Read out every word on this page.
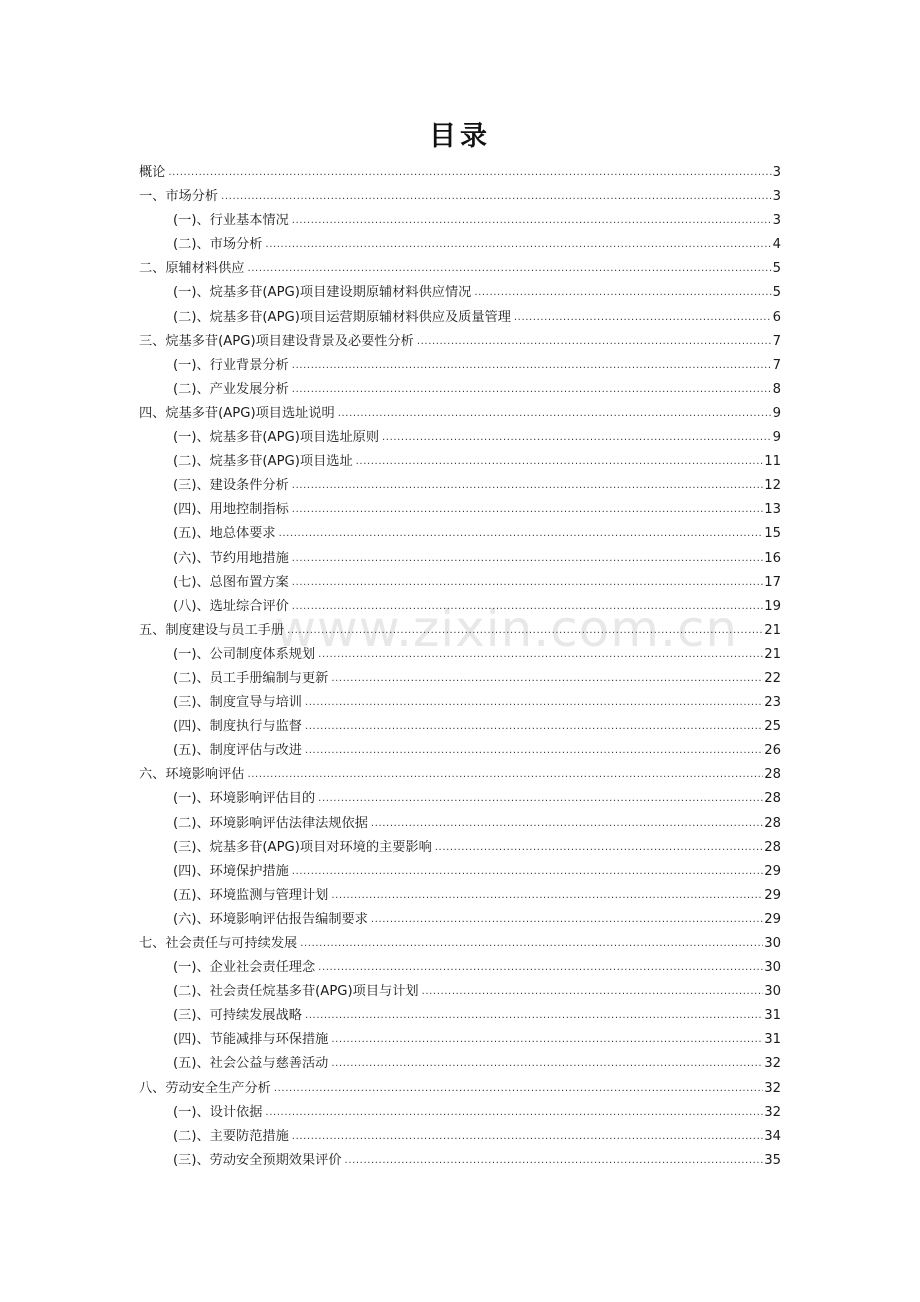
www.zixin.com.cn
目录
概论 .....	3
一、市场分析 .....	3
(一)、行业基本情况 .....	3
(二)、市场分析 .....	4
二、原辅材料供应 .....	5
(一)、烷基多苷(APG)项目建设期原辅材料供应情况 .....	5
(二)、烷基多苷(APG)项目运营期原辅材料供应及质量管理 .....	6
三、烷基多苷(APG)项目建设背景及必要性分析 .....	7
(一)、行业背景分析 .....	7
(二)、产业发展分析 .....	8
四、烷基多苷(APG)项目选址说明 .....	9
(一)、烷基多苷(APG)项目选址原则 .....	9
(二)、烷基多苷(APG)项目选址 .....	11
(三)、建设条件分析 .....	12
(四)、用地控制指标 .....	13
(五)、地总体要求 .....	15
(六)、节约用地措施 .....	16
(七)、总图布置方案 .....	17
(八)、选址综合评价 .....	19
五、制度建设与员工手册 .....	21
(一)、公司制度体系规划 .....	21
(二)、员工手册编制与更新 .....	22
(三)、制度宣导与培训 .....	23
(四)、制度执行与监督 .....	25
(五)、制度评估与改进 .....	26
六、环境影响评估 .....	28
(一)、环境影响评估目的 .....	28
(二)、环境影响评估法律法规依据 .....	28
(三)、烷基多苷(APG)项目对环境的主要影响 .....	28
(四)、环境保护措施 .....	29
(五)、环境监测与管理计划 .....	29
(六)、环境影响评估报告编制要求 .....	29
七、社会责任与可持续发展 .....	30
(一)、企业社会责任理念 .....	30
(二)、社会责任烷基多苷(APG)项目与计划 .....	30
(三)、可持续发展战略 .....	31
(四)、节能减排与环保措施 .....	31
(五)、社会公益与慈善活动 .....	32
八、劳动安全生产分析 .....	32
(一)、设计依据 .....	32
(二)、主要防范措施 .....	34
(三)、劳动安全预期效果评价 .....	35
